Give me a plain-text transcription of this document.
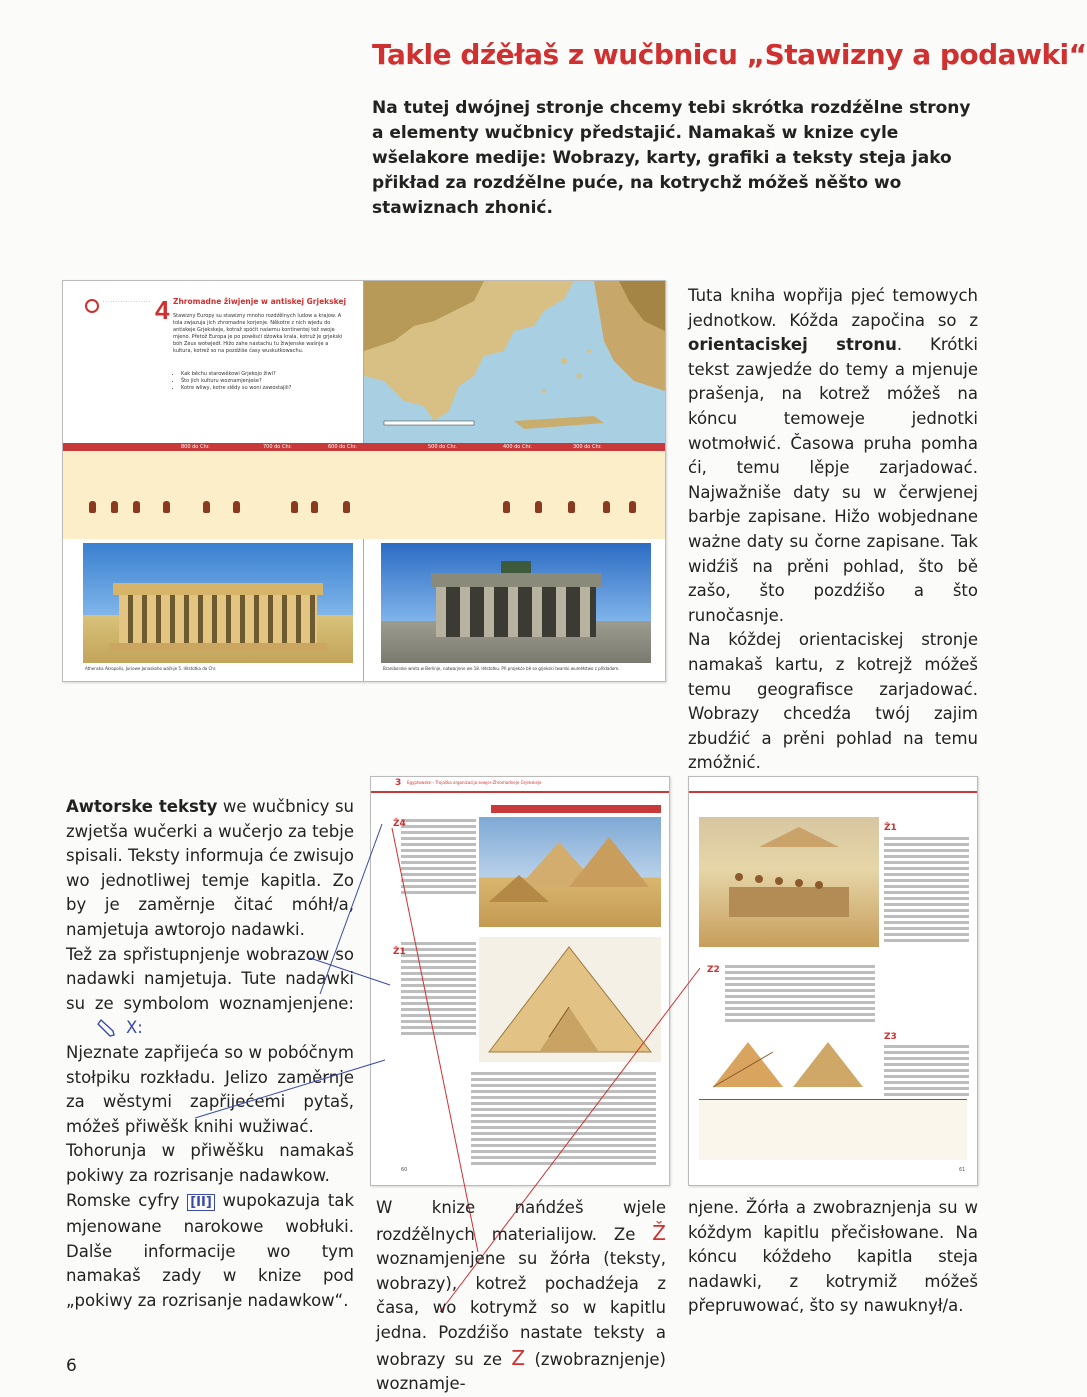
Takle dźěłaš z wučbnicu „Stawizny a podawki“
Na tutej dwójnej stronje chcemy tebi skrótka rozdźělne strony a elementy wučbnicy předstajić. Namakaš w knize cyle wšelakore medije: Wobrazy, karty, grafiki a teksty steja jako přikład za rozdźělne puće, na kotrychž móžeš něšto wo stawiznach zhonić.
· · · · · · · · · · · · · · · · · · · 4 Zhromadne žiwjenje w antiskej Grjekskej
Stawizny Europy su stawizny mnoho rozdźělnych ludow a krajow. A tola zwjazuja jich zhromadne korjenje. Někotre z nich wjedu do antiskeje Grjekskeje, kotraž spóčit našemu kontinentej tež swoje mjeno. Přetož Europa je po powěsći dźowka krala, kotruž je grjekski bóh Zeus wotwjedł. Hižo zahe nastachu tu žiwjenske wašnje a kultura, kotrež so na pozdźiše časy wuskutkowachu.
• Kak běchu starowěkowi Grjekojo žiwi?
• Što jich kulturu woznamjenješe?
• Kotre wliwy, kotre slědy su woni zawostajili?
800 do Chr.	700 do Chr.	600 do Chr.	500 do Chr.	400 do Chr.	300 do Chr.
Athenska Akropolis, Juriowe Jonaskoho wašnje 5. lětstotka do Chr.	Braniborske wrota w Berlinje, natwarjene we 18. lětstotku. Při projekće bě so grjekski twarski wuměłstwo z přikładom.

Tuta kniha wopřija pjeć temowych jednotkow. Kóžda započina so z orientaciskej stronu. Krótki tekst zawjedźe do temy a mjenuje prašenja, na kotrež móžeš na kóncu temoweje jednotki wotmołwić. Časowa pruha pomha ći, temu lěpje zarjadować. Najwažniše daty su w čerwjenej barbje zapisane. Hižo wobjednane ważne daty su čorne zapisane. Tak widźiš na prěni pohlad, što bě zašo, što pozdźišo a što runočasnje.

Na kóždej orientaciskej stronje namakaš kartu, z kotrejž móžeš temu geografisce zarjadować. Wobrazy chcedźa twój zajim zbudźić a prěni pohlad na temu zmóžnić.

Awtorske teksty we wučbnicy su zwjetša wučerki a wučerjo za tebje spisali. Teksty informuja će zwisujo wo jednotliwej temje kapitla. Zo by je zaměrnje čitać móhł/a, namjetuja awtorojo nadawki.

Tež za spřistupnjenje wobrazow so nadawki namjetuja. Tute nadawki su ze symbolom woznamjenjene: X:

Njeznate zapřijeća so w pobóčnym stołpiku rozkładu. Jelizo zaměrnje za wěstymi zapřijećemi pytaš, móžeš přiwěšk knihi wužiwać.

Tohorunja w přiwěšku namakaš pokiwy za rozrisanje nadawkow.

Romske cyfry [II] wupokazuja tak mjenowane narokowe wobłuki. Dalše informacije wo tym namakaš zady w knize pod „pokiwy za rozrisanje nadawkow“.

3 Egyptowske – Trojaška organizacija sewjer-Zhromadneje Grjekskeje
Ž4
Ž1
60
Ž1
Z2
Z3
61

W knize nańdźeš wjele rozdźělnych materialijow. Ze Ž woznamjenjene su žórła (teksty, wobrazy), kotrež pochadźeja z časa, wo kotrymž so w kapitlu jedna. Pozdźišo nastate teksty a wobrazy su ze Z (zwobraznjenje) woznamje-

njene. Žórła a zwobraznjenja su w kóždym kapitlu přečisłowane. Na kóncu kóždeho kapitla steja nadawki, z kotrymiž móžeš přepruwować, što sy nawuknył/a.
6
